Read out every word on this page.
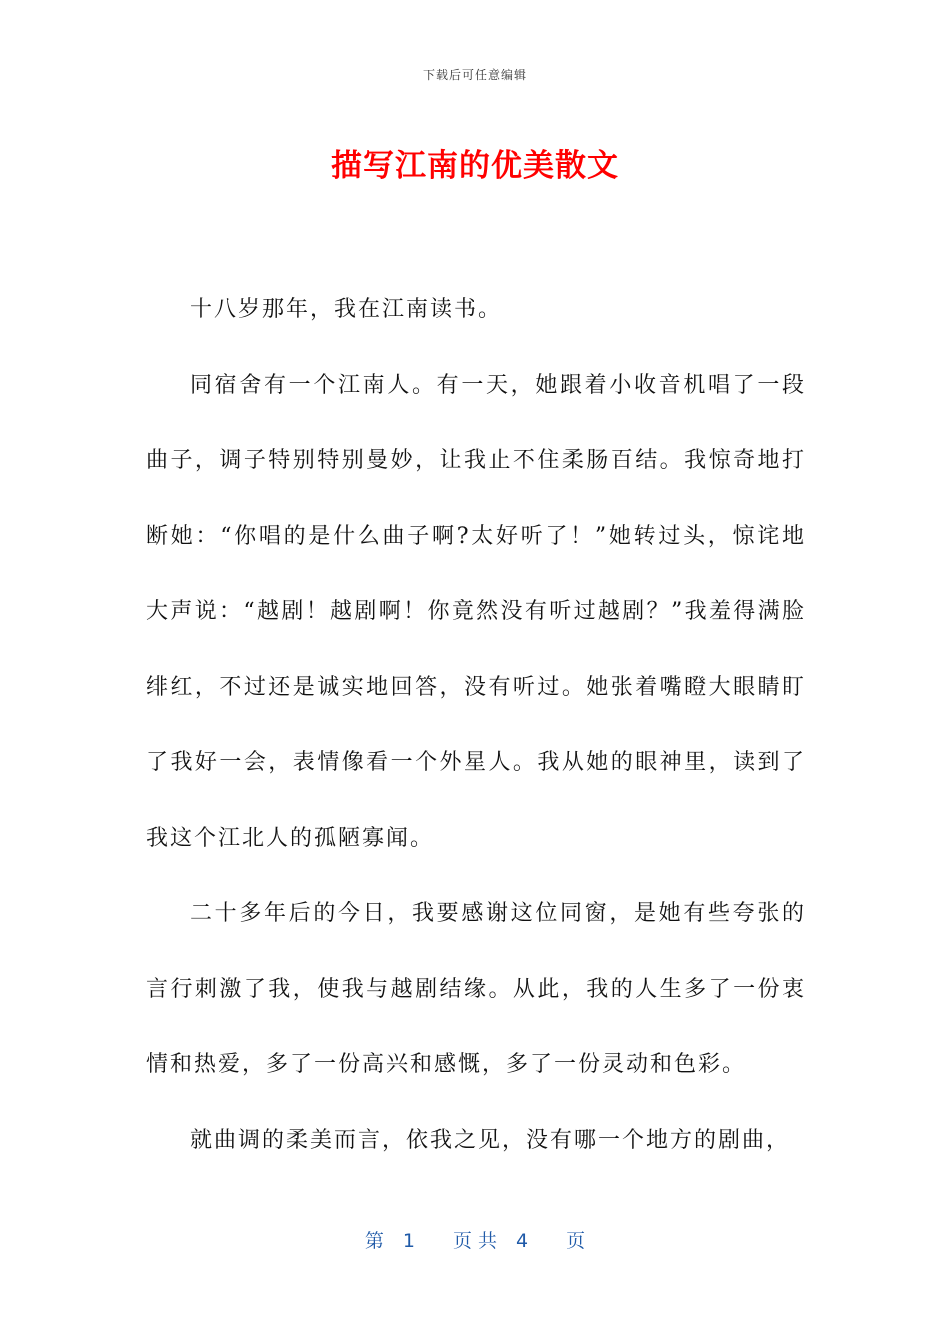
下载后可任意编辑
描写江南的优美散文

十八岁那年，我在江南读书。

同宿舍有一个江南人。有一天，她跟着小收音机唱了一段曲子，调子特别特别曼妙，让我止不住柔肠百结。我惊奇地打断她：“你唱的是什么曲子啊?太好听了！”她转过头，惊诧地大声说：“越剧！越剧啊！你竟然没有听过越剧？”我羞得满脸绯红，不过还是诚实地回答，没有听过。她张着嘴瞪大眼睛盯了我好一会，表情像看一个外星人。我从她的眼神里，读到了我这个江北人的孤陋寡闻。

二十多年后的今日，我要感谢这位同窗，是她有些夸张的言行刺激了我，使我与越剧结缘。从此，我的人生多了一份衷情和热爱，多了一份高兴和感慨，多了一份灵动和色彩。

就曲调的柔美而言，依我之见，没有哪一个地方的剧曲，

第　1　　页 共　4　　页
